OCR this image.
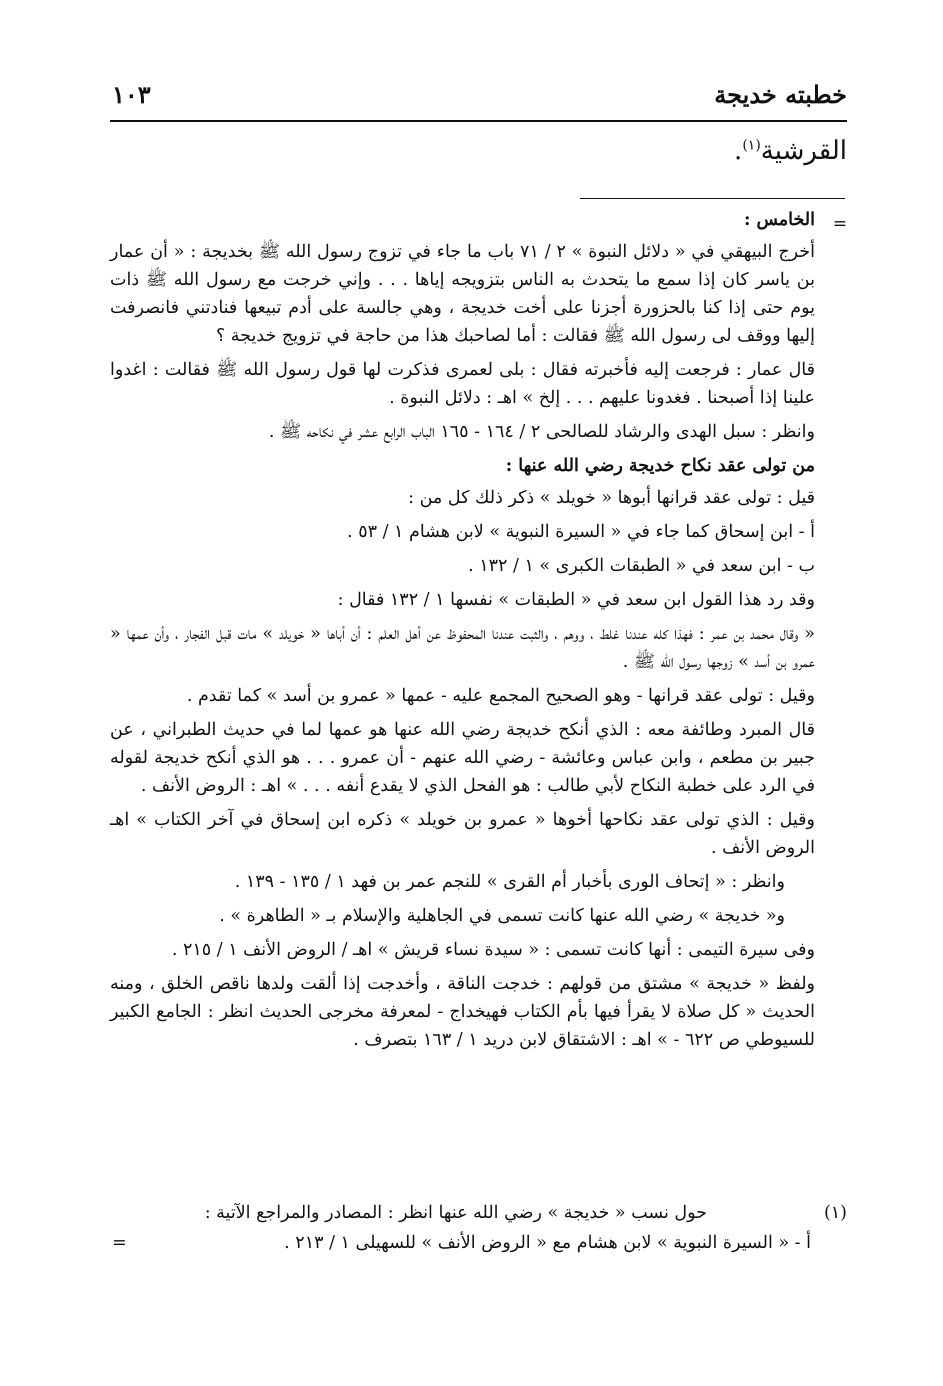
خطبته خديجة
١٠٣
القرشية$^{(١)}$.
=

الخامس :

أخرج البيهقي في « دلائل النبوة » ٢ / ٧١ باب ما جاء في تزوج رسول الله ﷺ بخديجة : « أن عمار بن ياسر كان إذا سمع ما يتحدث به الناس بتزويجه إياها . . . وإني خرجت مع رسول الله ﷺ ذات يوم حتى إذا كنا بالحزورة أجزنا على أخت خديجة ، وهي جالسة على أدم تبيعها فنادتني فانصرفت إليها ووقف لى رسول الله ﷺ فقالت : أما لصاحبك هذا من حاجة في تزويج خديجة ؟

قال عمار : فرجعت إليه فأخبرته فقال : بلى لعمرى فذكرت لها قول رسول الله ﷺ فقالت : اغدوا علينا إذا أصبحنا . فغدونا عليهم . . . إلخ » اهـ : دلائل النبوة .

وانظر : سبل الهدى والرشاد للصالحى ٢ / ١٦٤ - ١٦٥ الباب الرابع عشر في نكاحه ﷺ .

من تولى عقد نكاح خديجة رضي الله عنها :

قيل : تولى عقد قرانها أبوها « خويلد » ذكر ذلك كل من :

أ - ابن إسحاق كما جاء في « السيرة النبوية » لابن هشام ١ / ٥٣ .

ب - ابن سعد في « الطبقات الكبرى » ١ / ١٣٢ .

وقد رد هذا القول ابن سعد في « الطبقات » نفسها ١ / ١٣٢ فقال :

« وقال محمد بن عمر : فهذا كله عندنا غلط ، ووهم ، والثبت عندنا المحفوظ عن أهل العلم : أن أباها « خويلد » مات قبل الفجار ، وأن عمها « عمرو بن أسد » زوجها رسول الله ﷺ .

وقيل : تولى عقد قرانها - وهو الصحيح المجمع عليه - عمها « عمرو بن أسد » كما تقدم .

قال المبرد وطائفة معه : الذي أنكح خديجة رضي الله عنها هو عمها لما في حديث الطبراني ، عن جبير بن مطعم ، وابن عباس وعائشة - رضي الله عنهم - أن عمرو . . . هو الذي أنكح خديجة لقوله في الرد على خطبة النكاح لأبي طالب : هو الفحل الذي لا يقدع أنفه . . . » اهـ : الروض الأنف .

وقيل : الذي تولى عقد نكاحها أخوها « عمرو بن خويلد » ذكره ابن إسحاق في آخر الكتاب » اهـ الروض الأنف .

وانظر : « إتحاف الورى بأخبار أم القرى » للنجم عمر بن فهد ١ / ١٣٥ - ١٣٩ .

و« خديجة » رضي الله عنها كانت تسمى في الجاهلية والإسلام بـ « الطاهرة » .

وفى سيرة التيمى : أنها كانت تسمى : « سيدة نساء قريش » اهـ / الروض الأنف ١ / ٢١٥ .

ولفظ « خديجة » مشتق من قولهم : خدجت الناقة ، وأخدجت إذا ألقت ولدها ناقص الخلق ، ومنه الحديث « كل صلاة لا يقرأ فيها بأم الكتاب فهيخداج - لمعرفة مخرجى الحديث انظر : الجامع الكبير للسيوطي ص ٦٢٢ - » اهـ : الاشتقاق لابن دريد ١ / ١٦٣ بتصرف .

(١)
حول نسب « خديجة » رضي الله عنها انظر : المصادر والمراجع الآتية :
أ - « السيرة النبوية » لابن هشام مع « الروض الأنف » للسهيلى ١ / ٢١٣ .
=
